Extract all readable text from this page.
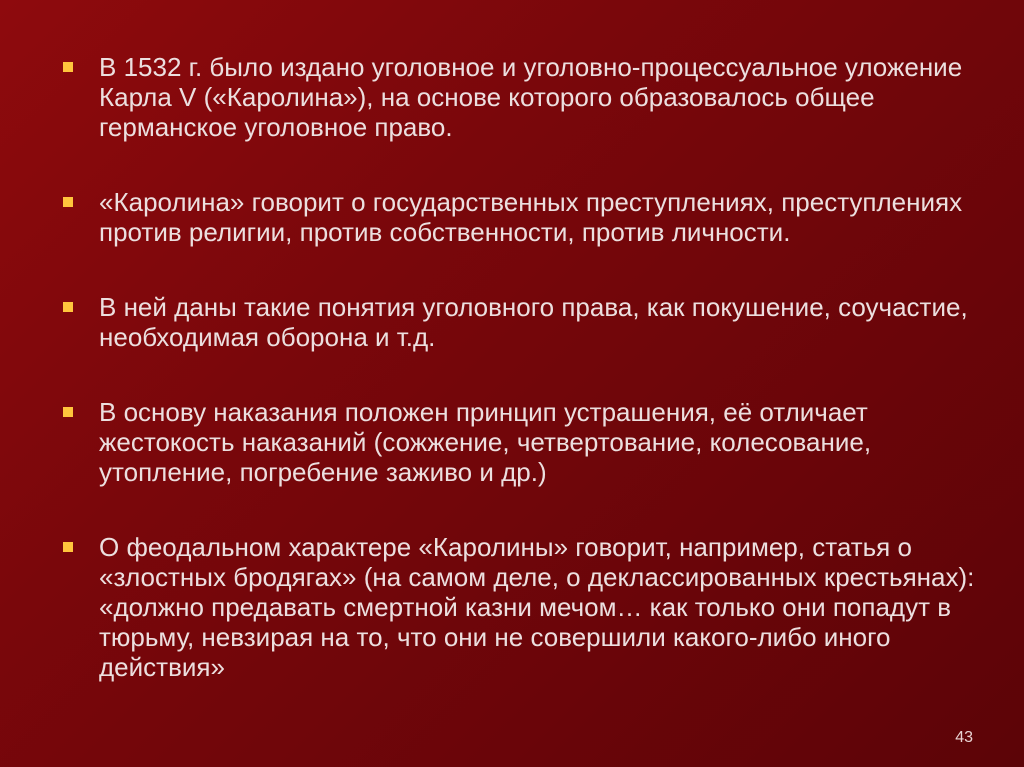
В 1532 г. было издано уголовное и уголовно-процессуальное уложение Карла V («Каролина»), на основе которого образовалось общее германское уголовное право.
«Каролина» говорит о государственных преступлениях, преступлениях против религии, против собственности, против личности.
В ней даны такие понятия уголовного права, как покушение, соучастие, необходимая оборона и т.д.
В основу наказания положен принцип устрашения, её отличает жестокость наказаний (сожжение, четвертование, колесование, утопление, погребение заживо и др.)
О феодальном характере «Каролины» говорит, например, статья о «злостных бродягах» (на самом деле, о деклассированных крестьянах): «должно предавать смертной казни мечом… как только они попадут в тюрьму, невзирая на то, что они не совершили какого-либо иного действия»
43
